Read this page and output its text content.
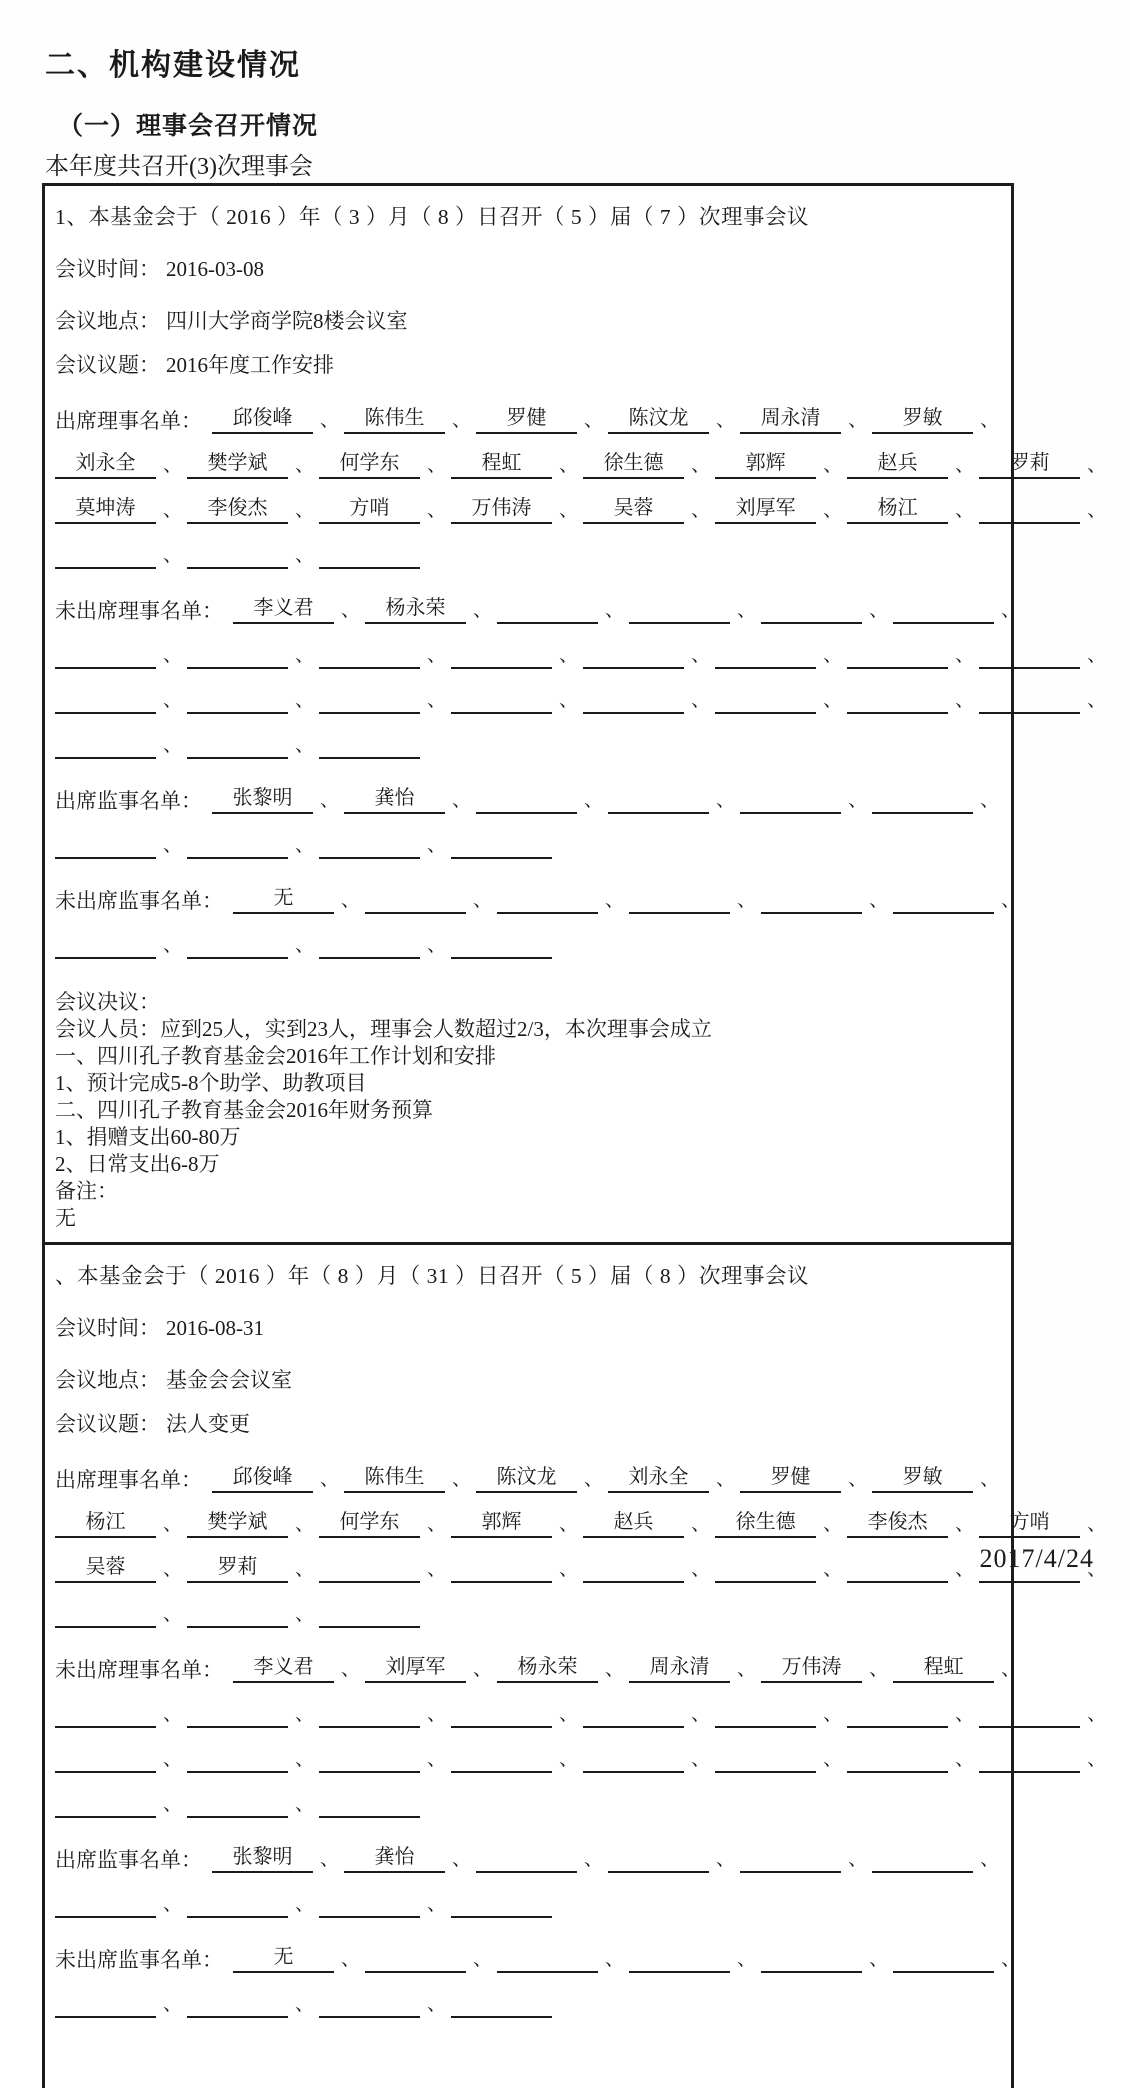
二、机构建设情况
（一）理事会召开情况
本年度共召开(3)次理事会
1、本基金会于（ 2016 ）年（ 3 ）月（ 8 ）日召开（ 5 ）届（ 7 ）次理事会议
会议时间： 2016-03-08
会议地点： 四川大学商学院8楼会议室
会议议题： 2016年度工作安排
出席理事名单： 邱俊峰 、 陈伟生 、 罗健 、 陈汶龙 、 周永清 、 罗敏 、
刘永全 、 樊学斌 、 何学东 、 程虹 、 徐生德 、 郭辉 、 赵兵 、 罗莉 、
莫坤涛 、 李俊杰 、 方哨 、 万伟涛 、 吴蓉 、 刘厚军 、 杨江 、	、
、	、
未出席理事名单： 李义君 、 杨永荣 、	、	、	、	、
、	、	、	、	、	、	、	、
、	、	、	、	、	、	、	、
、	、
出席监事名单： 张黎明 、 龚怡 、	、	、	、	、
、	、	、
未出席监事名单：	无	、	、	、	、	、	、
、	、	、
会议决议：
会议人员：应到25人，实到23人，理事会人数超过2/3，本次理事会成立
一、四川孔子教育基金会2016年工作计划和安排
1、预计完成5-8个助学、助教项目
二、四川孔子教育基金会2016年财务预算
1、捐赠支出60-80万
2、日常支出6-8万
备注：
无
、本基金会于（ 2016 ）年（ 8 ）月（ 31 ）日召开（ 5 ）届（ 8 ）次理事会议
会议时间： 2016-08-31
会议地点： 基金会会议室
会议议题： 法人变更
出席理事名单： 邱俊峰 、 陈伟生 、 陈汶龙 、 刘永全 、 罗健 、 罗敏 、
杨江 、 樊学斌 、 何学东 、 郭辉 、 赵兵 、 徐生德 、 李俊杰 、 方哨 、
吴蓉 、 罗莉 、	、	、	、	、	、	、
、	、
未出席理事名单： 李义君 、 刘厚军 、 杨永荣 、 周永清 、 万伟涛 、 程虹 、
、	、	、	、	、	、	、	、
、	、	、	、	、	、	、	、
、	、
出席监事名单： 张黎明 、 龚怡 、	、	、	、	、
、	、	、
未出席监事名单：	无	、	、	、	、	、	、
、	、	、
2017/4/24
